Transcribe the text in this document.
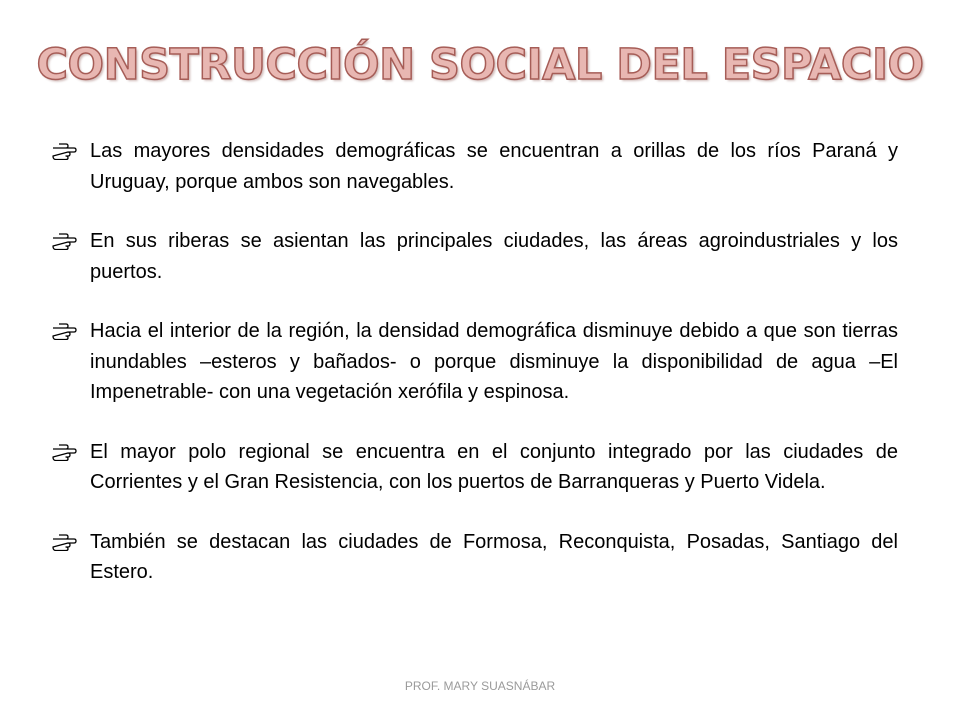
CONSTRUCCIÓN SOCIAL DEL ESPACIO
Las mayores densidades demográficas se encuentran a orillas de los ríos Paraná y Uruguay, porque ambos son navegables.
En sus riberas se asientan las principales ciudades, las áreas agroindustriales y los puertos.
Hacia el interior de la región, la densidad demográfica disminuye debido a que son tierras inundables –esteros y bañados- o porque disminuye la disponibilidad de agua –El Impenetrable- con una vegetación xerófila y espinosa.
El mayor polo regional se encuentra en el conjunto integrado por las ciudades de Corrientes y el Gran Resistencia, con los puertos de Barranqueras y Puerto Videla.
También se destacan las ciudades de Formosa, Reconquista, Posadas, Santiago del Estero.
PROF. MARY SUASNÁBAR
